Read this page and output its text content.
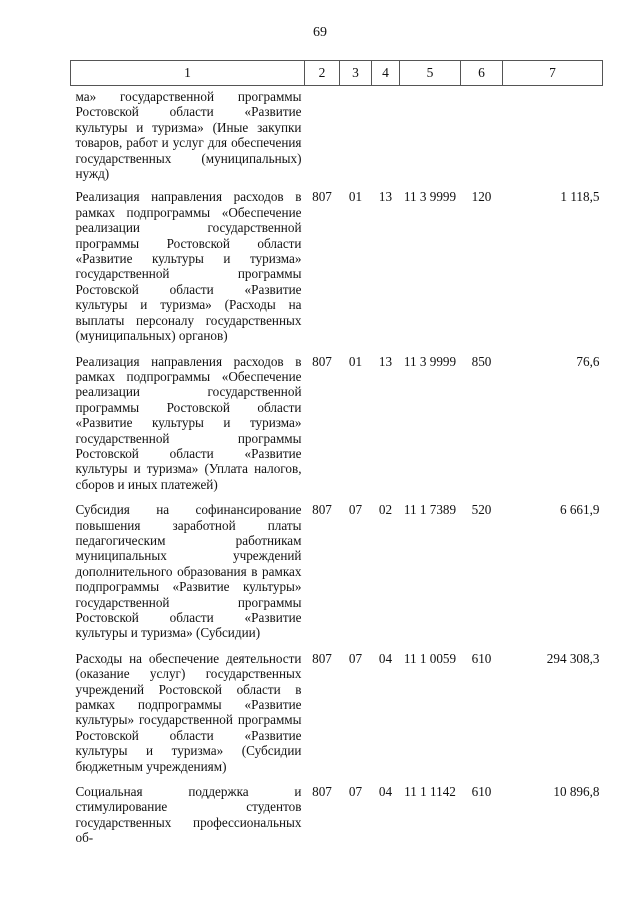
69
1	2	3	4	5	6	7
ма» государственной программы Ростовской области «Развитие культуры и туризма» (Иные закупки товаров, работ и услуг для обеспечения государственных (муниципальных) нужд)						
Реализация направления расходов в рамках подпрограммы «Обеспечение реализации государственной программы Ростовской области «Развитие культуры и туризма» государственной программы Ростовской области «Развитие культуры и туризма» (Расходы на выплаты персоналу государственных (муниципальных) органов)	807	01	13	11 3 9999	120	1 118,5
Реализация направления расходов в рамках подпрограммы «Обеспечение реализации государственной программы Ростовской области «Развитие культуры и туризма» государственной программы Ростовской области «Развитие культуры и туризма» (Уплата налогов, сборов и иных платежей)	807	01	13	11 3 9999	850	76,6
Субсидия на софинансирование повышения заработной платы педагогическим работникам муниципальных учреждений дополнительного образования в рамках подпрограммы «Развитие культуры» государственной программы Ростовской области «Развитие культуры и туризма» (Субсидии)	807	07	02	11 1 7389	520	6 661,9
Расходы на обеспечение деятельности (оказание услуг) государственных учреждений Ростовской области в рамках подпрограммы «Развитие культуры» государственной программы Ростовской области «Развитие культуры и туризма» (Субсидии бюджетным учреждениям)	807	07	04	11 1 0059	610	294 308,3
Социальная поддержка и стимулирование студентов государственных профессиональных об-	807	07	04	11 1 1142	610	10 896,8
